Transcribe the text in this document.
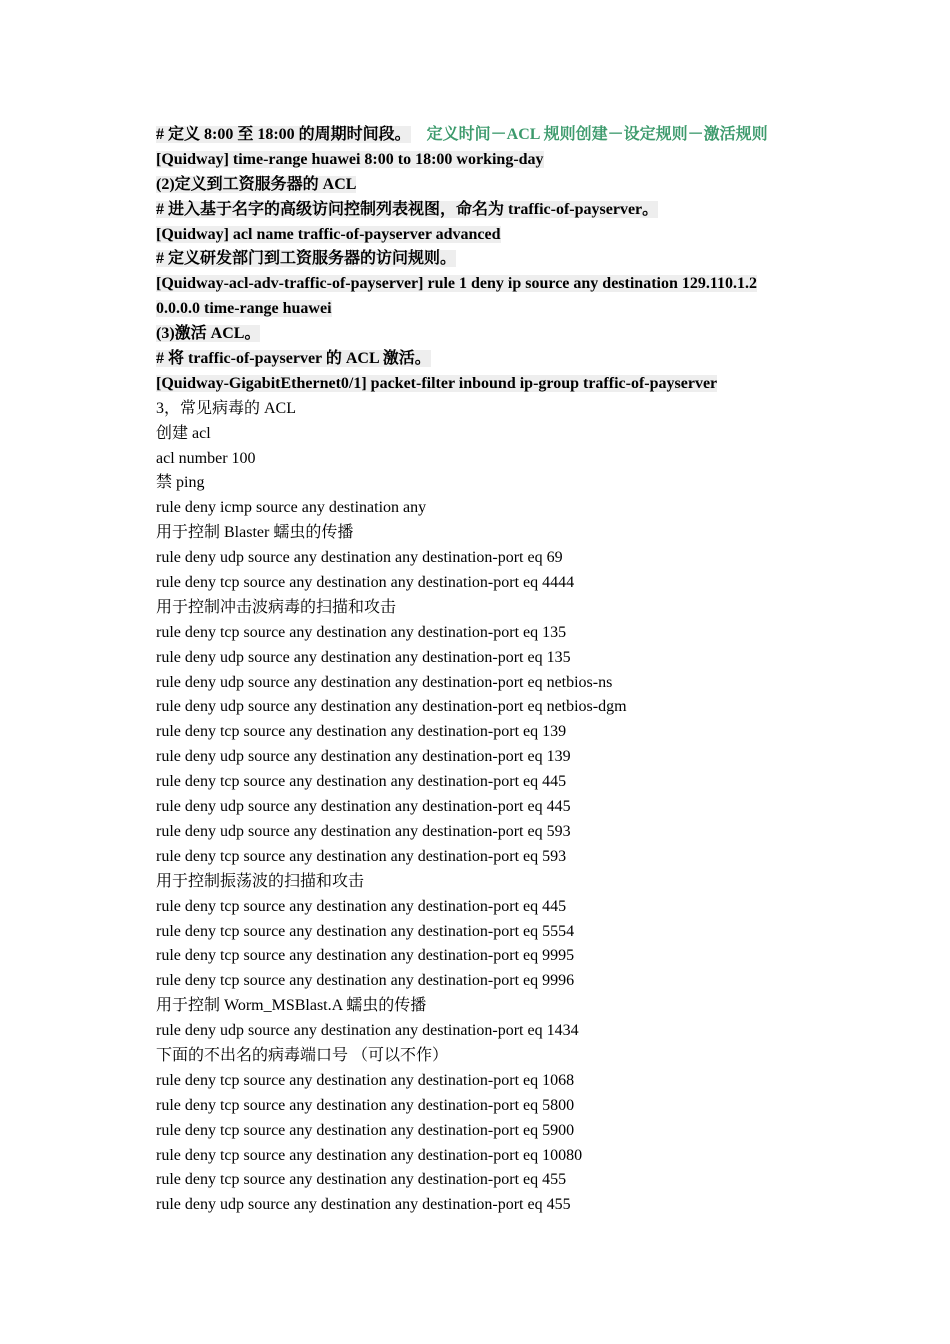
# 定义 8:00 至 18:00 的周期时间段。 定义时间－ACL 规则创建－设定规则－激活规则
[Quidway] time-range huawei 8:00 to 18:00 working-day
(2)定义到工资服务器的 ACL
# 进入基于名字的高级访问控制列表视图，命名为 traffic-of-payserver。
[Quidway] acl name traffic-of-payserver advanced
# 定义研发部门到工资服务器的访问规则。
[Quidway-acl-adv-traffic-of-payserver] rule 1 deny ip source any destination 129.110.1.2
0.0.0.0 time-range huawei
(3)激活 ACL。
# 将 traffic-of-payserver 的 ACL 激活。
[Quidway-GigabitEthernet0/1] packet-filter inbound ip-group traffic-of-payserver
3，常见病毒的 ACL
创建 acl
acl number 100
禁 ping
rule deny icmp source any destination any
用于控制 Blaster 蠕虫的传播
rule deny udp source any destination any destination-port eq 69
rule deny tcp source any destination any destination-port eq 4444
用于控制冲击波病毒的扫描和攻击
rule deny tcp source any destination any destination-port eq 135
rule deny udp source any destination any destination-port eq 135
rule deny udp source any destination any destination-port eq netbios-ns
rule deny udp source any destination any destination-port eq netbios-dgm
rule deny tcp source any destination any destination-port eq 139
rule deny udp source any destination any destination-port eq 139
rule deny tcp source any destination any destination-port eq 445
rule deny udp source any destination any destination-port eq 445
rule deny udp source any destination any destination-port eq 593
rule deny tcp source any destination any destination-port eq 593
用于控制振荡波的扫描和攻击
rule deny tcp source any destination any destination-port eq 445
rule deny tcp source any destination any destination-port eq 5554
rule deny tcp source any destination any destination-port eq 9995
rule deny tcp source any destination any destination-port eq 9996
用于控制 Worm_MSBlast.A 蠕虫的传播
rule deny udp source any destination any destination-port eq 1434
下面的不出名的病毒端口号 （可以不作）
rule deny tcp source any destination any destination-port eq 1068
rule deny tcp source any destination any destination-port eq 5800
rule deny tcp source any destination any destination-port eq 5900
rule deny tcp source any destination any destination-port eq 10080
rule deny tcp source any destination any destination-port eq 455
rule deny udp source any destination any destination-port eq 455
